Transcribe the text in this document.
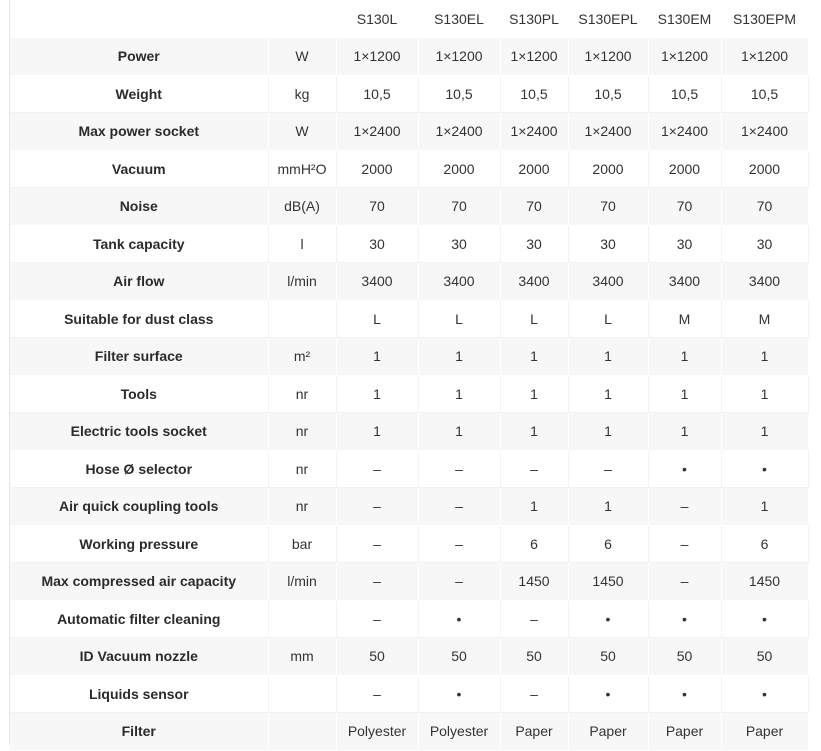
		S130L	S130EL	S130PL	S130EPL	S130EM	S130EPM
Power	W	1×1200	1×1200	1×1200	1×1200	1×1200	1×1200
Weight	kg	10,5	10,5	10,5	10,5	10,5	10,5
Max power socket	W	1×2400	1×2400	1×2400	1×2400	1×2400	1×2400
Vacuum	mmH²O	2000	2000	2000	2000	2000	2000
Noise	dB(A)	70	70	70	70	70	70
Tank capacity	l	30	30	30	30	30	30
Air flow	l/min	3400	3400	3400	3400	3400	3400
Suitable for dust class		L	L	L	L	M	M
Filter surface	m²	1	1	1	1	1	1
Tools	nr	1	1	1	1	1	1
Electric tools socket	nr	1	1	1	1	1	1
Hose Ø selector	nr	–	–	–	–	•	•
Air quick coupling tools	nr	–	–	1	1	–	1
Working pressure	bar	–	–	6	6	–	6
Max compressed air capacity	l/min	–	–	1450	1450	–	1450
Automatic filter cleaning		–	•	–	•	•	•
ID Vacuum nozzle	mm	50	50	50	50	50	50
Liquids sensor		–	•	–	•	•	•
Filter		Polyester	Polyester	Paper	Paper	Paper	Paper
